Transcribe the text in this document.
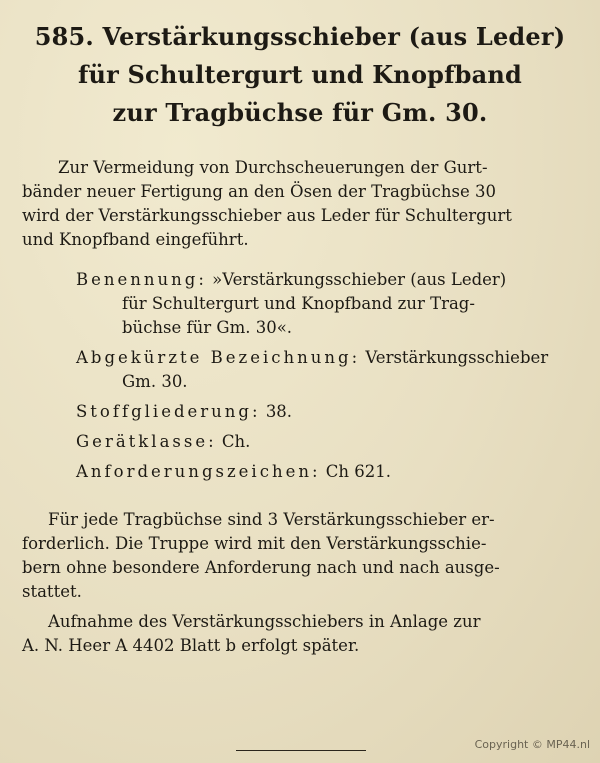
585. Verstärkungsschieber (aus Leder)
für Schultergurt und Knopfband
zur Tragbüchse für Gm. 30.
Zur Vermeidung von Durchscheuerungen der Gurt-
bänder neuer Fertigung an den Ösen der Tragbüchse 30
wird der Verstärkungsschieber aus Leder für Schultergurt
und Knopfband eingeführt.
Benennung: »Verstärkungsschieber (aus Leder)
für Schultergurt und Knopfband zur Trag-
büchse für Gm. 30«.
Abgekürzte Bezeichnung: Verstärkungsschieber
Gm. 30.
Stoffgliederung: 38.
Gerätklasse: Ch.
Anforderungszeichen: Ch 621.
Für jede Tragbüchse sind 3 Verstärkungsschieber er-
forderlich. Die Truppe wird mit den Verstärkungsschie-
bern ohne besondere Anforderung nach und nach ausge-
stattet.
Aufnahme des Verstärkungsschiebers in Anlage zur
A. N. Heer A 4402 Blatt b erfolgt später.
Copyright © MP44.nl
